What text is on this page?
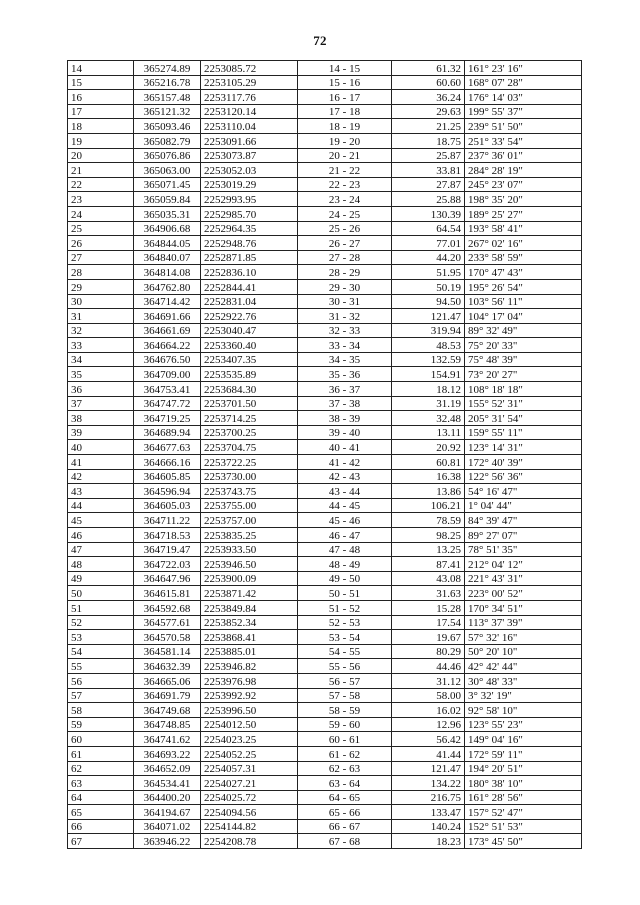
72
14	365274.89	2253085.72	14 - 15	61.32	161° 23' 16"
15	365216.78	2253105.29	15 - 16	60.60	168° 07' 28"
16	365157.48	2253117.76	16 - 17	36.24	176° 14' 03"
17	365121.32	2253120.14	17 - 18	29.63	199° 55' 37"
18	365093.46	2253110.04	18 - 19	21.25	239° 51' 50"
19	365082.79	2253091.66	19 - 20	18.75	251° 33' 54"
20	365076.86	2253073.87	20 - 21	25.87	237° 36' 01"
21	365063.00	2253052.03	21 - 22	33.81	284° 28' 19"
22	365071.45	2253019.29	22 - 23	27.87	245° 23' 07"
23	365059.84	2252993.95	23 - 24	25.88	198° 35' 20"
24	365035.31	2252985.70	24 - 25	130.39	189° 25' 27"
25	364906.68	2252964.35	25 - 26	64.54	193° 58' 41"
26	364844.05	2252948.76	26 - 27	77.01	267° 02' 16"
27	364840.07	2252871.85	27 - 28	44.20	233° 58' 59"
28	364814.08	2252836.10	28 - 29	51.95	170° 47' 43"
29	364762.80	2252844.41	29 - 30	50.19	195° 26' 54"
30	364714.42	2252831.04	30 - 31	94.50	103° 56' 11"
31	364691.66	2252922.76	31 - 32	121.47	104° 17' 04"
32	364661.69	2253040.47	32 - 33	319.94	89° 32' 49"
33	364664.22	2253360.40	33 - 34	48.53	75° 20' 33"
34	364676.50	2253407.35	34 - 35	132.59	75° 48' 39"
35	364709.00	2253535.89	35 - 36	154.91	73° 20' 27"
36	364753.41	2253684.30	36 - 37	18.12	108° 18' 18"
37	364747.72	2253701.50	37 - 38	31.19	155° 52' 31"
38	364719.25	2253714.25	38 - 39	32.48	205° 31' 54"
39	364689.94	2253700.25	39 - 40	13.11	159° 55' 11"
40	364677.63	2253704.75	40 - 41	20.92	123° 14' 31"
41	364666.16	2253722.25	41 - 42	60.81	172° 40' 39"
42	364605.85	2253730.00	42 - 43	16.38	122° 56' 36"
43	364596.94	2253743.75	43 - 44	13.86	54° 16' 47"
44	364605.03	2253755.00	44 - 45	106.21	1° 04' 44"
45	364711.22	2253757.00	45 - 46	78.59	84° 39' 47"
46	364718.53	2253835.25	46 - 47	98.25	89° 27' 07"
47	364719.47	2253933.50	47 - 48	13.25	78° 51' 35"
48	364722.03	2253946.50	48 - 49	87.41	212° 04' 12"
49	364647.96	2253900.09	49 - 50	43.08	221° 43' 31"
50	364615.81	2253871.42	50 - 51	31.63	223° 00' 52"
51	364592.68	2253849.84	51 - 52	15.28	170° 34' 51"
52	364577.61	2253852.34	52 - 53	17.54	113° 37' 39"
53	364570.58	2253868.41	53 - 54	19.67	57° 32' 16"
54	364581.14	2253885.01	54 - 55	80.29	50° 20' 10"
55	364632.39	2253946.82	55 - 56	44.46	42° 42' 44"
56	364665.06	2253976.98	56 - 57	31.12	30° 48' 33"
57	364691.79	2253992.92	57 - 58	58.00	3° 32' 19"
58	364749.68	2253996.50	58 - 59	16.02	92° 58' 10"
59	364748.85	2254012.50	59 - 60	12.96	123° 55' 23"
60	364741.62	2254023.25	60 - 61	56.42	149° 04' 16"
61	364693.22	2254052.25	61 - 62	41.44	172° 59' 11"
62	364652.09	2254057.31	62 - 63	121.47	194° 20' 51"
63	364534.41	2254027.21	63 - 64	134.22	180° 38' 10"
64	364400.20	2254025.72	64 - 65	216.75	161° 28' 56"
65	364194.67	2254094.56	65 - 66	133.47	157° 52' 47"
66	364071.02	2254144.82	66 - 67	140.24	152° 51' 53"
67	363946.22	2254208.78	67 - 68	18.23	173° 45' 50"
